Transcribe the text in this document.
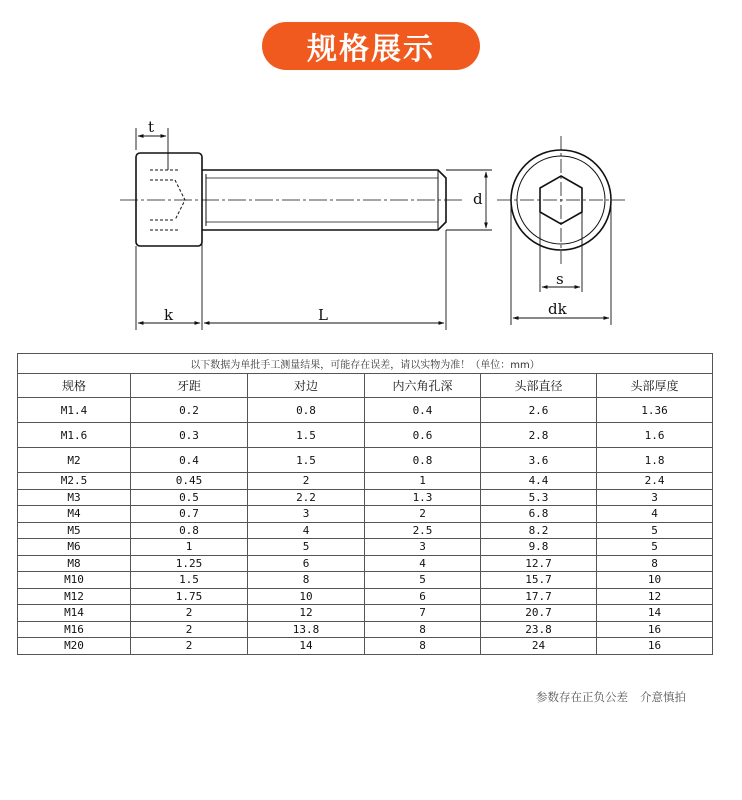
规格展示
t
d
k	L
s
dk
以下数据为单批手工测量结果，可能存在误差，请以实物为准！（单位：mm）					
规格	牙距	对边	内六角孔深	头部直径	头部厚度
M1.4	0.2	0.8	0.4	2.6	1.36
M1.6	0.3	1.5	0.6	2.8	1.6
M2	0.4	1.5	0.8	3.6	1.8
M2.5	0.45	2	1	4.4	2.4
M3	0.5	2.2	1.3	5.3	3
M4	0.7	3	2	6.8	4
M5	0.8	4	2.5	8.2	5
M6	1	5	3	9.8	5
M8	1.25	6	4	12.7	8
M10	1.5	8	5	15.7	10
M12	1.75	10	6	17.7	12
M14	2	12	7	20.7	14
M16	2	13.8	8	23.8	16
M20	2	14	8	24	16
参数存在正负公差 介意慎拍
